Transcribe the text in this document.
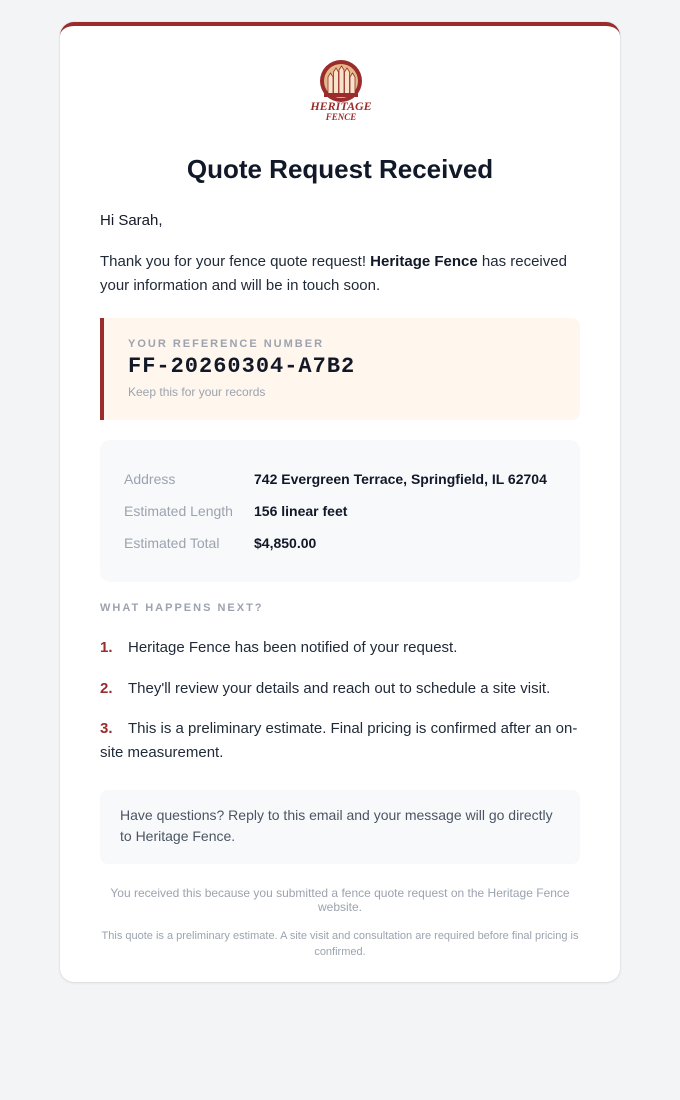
HERITAGE
FENCE
Quote Request Received
Hi Sarah,
Thank you for your fence quote request! Heritage Fence has received your information and will be in touch soon.
YOUR REFERENCE NUMBER
FF-20260304-A7B2
Keep this for your records
Address	742 Evergreen Terrace, Springfield, IL 62704
Estimated Length	156 linear feet
Estimated Total	$4,850.00
WHAT HAPPENS NEXT?
1. Heritage Fence has been notified of your request.
2. They'll review your details and reach out to schedule a site visit.
3. This is a preliminary estimate. Final pricing is confirmed after an on-site measurement.
Have questions? Reply to this email and your message will go directly to Heritage Fence.
You received this because you submitted a fence quote request on the Heritage Fence website.
This quote is a preliminary estimate. A site visit and consultation are required before final pricing is confirmed.
